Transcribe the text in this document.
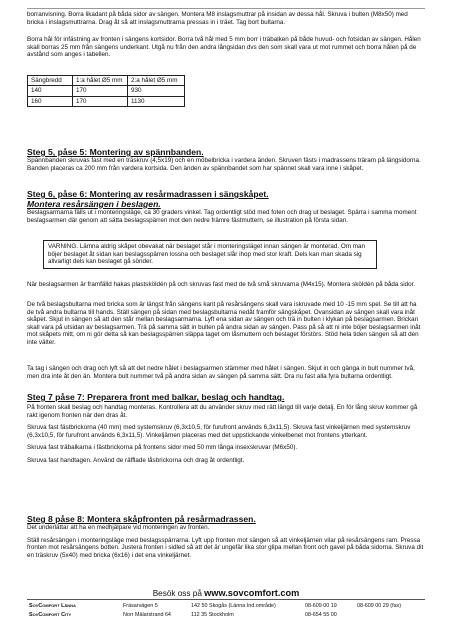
borranvisning. Borra likadant på båda sidor av sängen. Montera M8 inslagsmuttrar på insidan av dessa hål. Skruva i bulten (M8x50) med bricka i inslagsmuttrarna. Drag åt så att inslagsmuttrarna pressas in i träet. Tag bort bultarna.

Borra hål för infästning av fronten i sängens kortsidor. Borra två hål med 5 mm borr i träbalken på både huvud- och fotsidan av sängen. Hålen skall borras 25 mm från sängens underkant. Utgå nu från den andra långsidan dvs den som skall vara ut mot rummet och borra hålen på de avstånd som anges i tabellen.

Sängbredd	1:a hålet Ø5 mm	2:a hålet Ø5 mm
140	170	930
160	170	1130
Steg 5, påse 5: Montering av spännbanden.

Spännbanden skruvas fast med en träskruv (4,5x19) och en möbelbricka i vardera änden. Skruven fästs i madrassens träram på längsidorna. Banden placeras ca 200 mm från vardera kortsida. Den änden av spännbandet som har spännet skall vara inne i skåpet.

Steg 6, påse 6: Montering av resårmadrassen i sängskåpet.
Montera resårsängen i beslagen.

Beslagsarmarna fälls ut i monteringsläge, ca 30 graders vinkel. Tag ordentligt stöd med foten och drag ut beslaget. Spärra i samma moment beslagsarmen där genom att sätta beslagsspärren mot den nedre främre fästmuttern, se illustration på första sidan.

VARNING. Lämna aldrig skåpet obevakat när beslaget står i monteringsläget innan sängen är monterad. Om man böjer beslaget åt sidan kan beslagsspärren lossna och beslaget slår ihop med stor kraft. Dels kan man skada sig allvarligt dels kan beslaget gå sönder.

När beslagsarmen är framfälld hakas plastsköldén på och skruvas fast med de två små skruvarna (M4x15). Montera sköldén på båda sidor.

De två beslagsbultarna med bricka som är längst från sängens kant på resårsängens skall vara iskruvade med 10 -15 mm spel. Se till att ha de två andra bultarna till hands. Ställ sängen på sidan med beslagsbultarna nedåt framför sängskåpet. Ovansidan av sängen skall vara inåt skåpet. Skjut in sängen så att den står mellan beslagsarmarna. Lyft ena sidan av sängen och trä in bulten i klykan på beslagsarmen. Brickan skall vara på utsidan av beslagsarmen. Trä på samma sätt in bulten på andra sidan av sängen. Pass på så att ni inte böjer beslagsarmen inåt mot skåpets mitt, om ni gör detta så kan beslagsspärren släppa taget om låsmuttern och beslaget förstörs. Stöd hela tiden sängen så att den inte välter.

Ta tag i sängen och drag och lyft så att det nedre hålet i beslagsarmen stämmer med hålet i sängen. Skjut in och gänga in bult nummer två, men dra inte åt den än. Montera bult nummer två på andra sidan av sängen på samma sätt. Dra nu fast alla fyra bultarna ordentligt.

Steg 7 påse 7: Preparera front med balkar, beslag och handtag.

På fronten skall beslag och handtag monteras. Kontrollera att du använder skruv med rätt längd till varje detalj. En för lång skruv kommer gå rakt igenom fronten när den dras åt.

Skruva fast fästbrickorna (40 mm) med systemskruv (6,3x10,5, för furufront används 6,3x11,5). Skruva fast vinkeljärnen med systemskruv (6,3x10,5, för furufront används 6,3x11,5). Vinkeljärnen placeras med det uppstickande vinkelbenet mot frontens ytterkant.

Skruva fast träbalkarna i fästbrickorna på frontens sidor med 50 mm långa insexskruvar (M6x50).

Skruva fast handtagen. Använd de räfflade låsbrickorna och drag åt ordentligt.

Steg 8 påse 8: Montera skåpfronten på resårmadrassen.

Det underlättar att ha en medhjälpare vid monteringen av fronten.

Ställ resårsängen i monteringsläge med beslagsspärrarna. Lyft upp fronten mot sängen så att vinkeljärnen vilar på resårsängens ram. Pressa fronten mot resårsängens botten. Justera fronten i sidled så att det är ungefär lika stor glipa mellan front och gavel på båda sidorna. Skruva dit en träskruv (5x40) med bricka (6x16) i det ena vinkeljärnet.

Besök oss på www.sovcomfort.com
SovComfort Länna	Fräsarvägen 5	142 50 Skogås (Länna Ind.område)	08-609 00 19	08-609 00 29 (fax)
SovComfort City	Norr Mälarstrand 64	112 35 Stockholm	08-654 55 00
